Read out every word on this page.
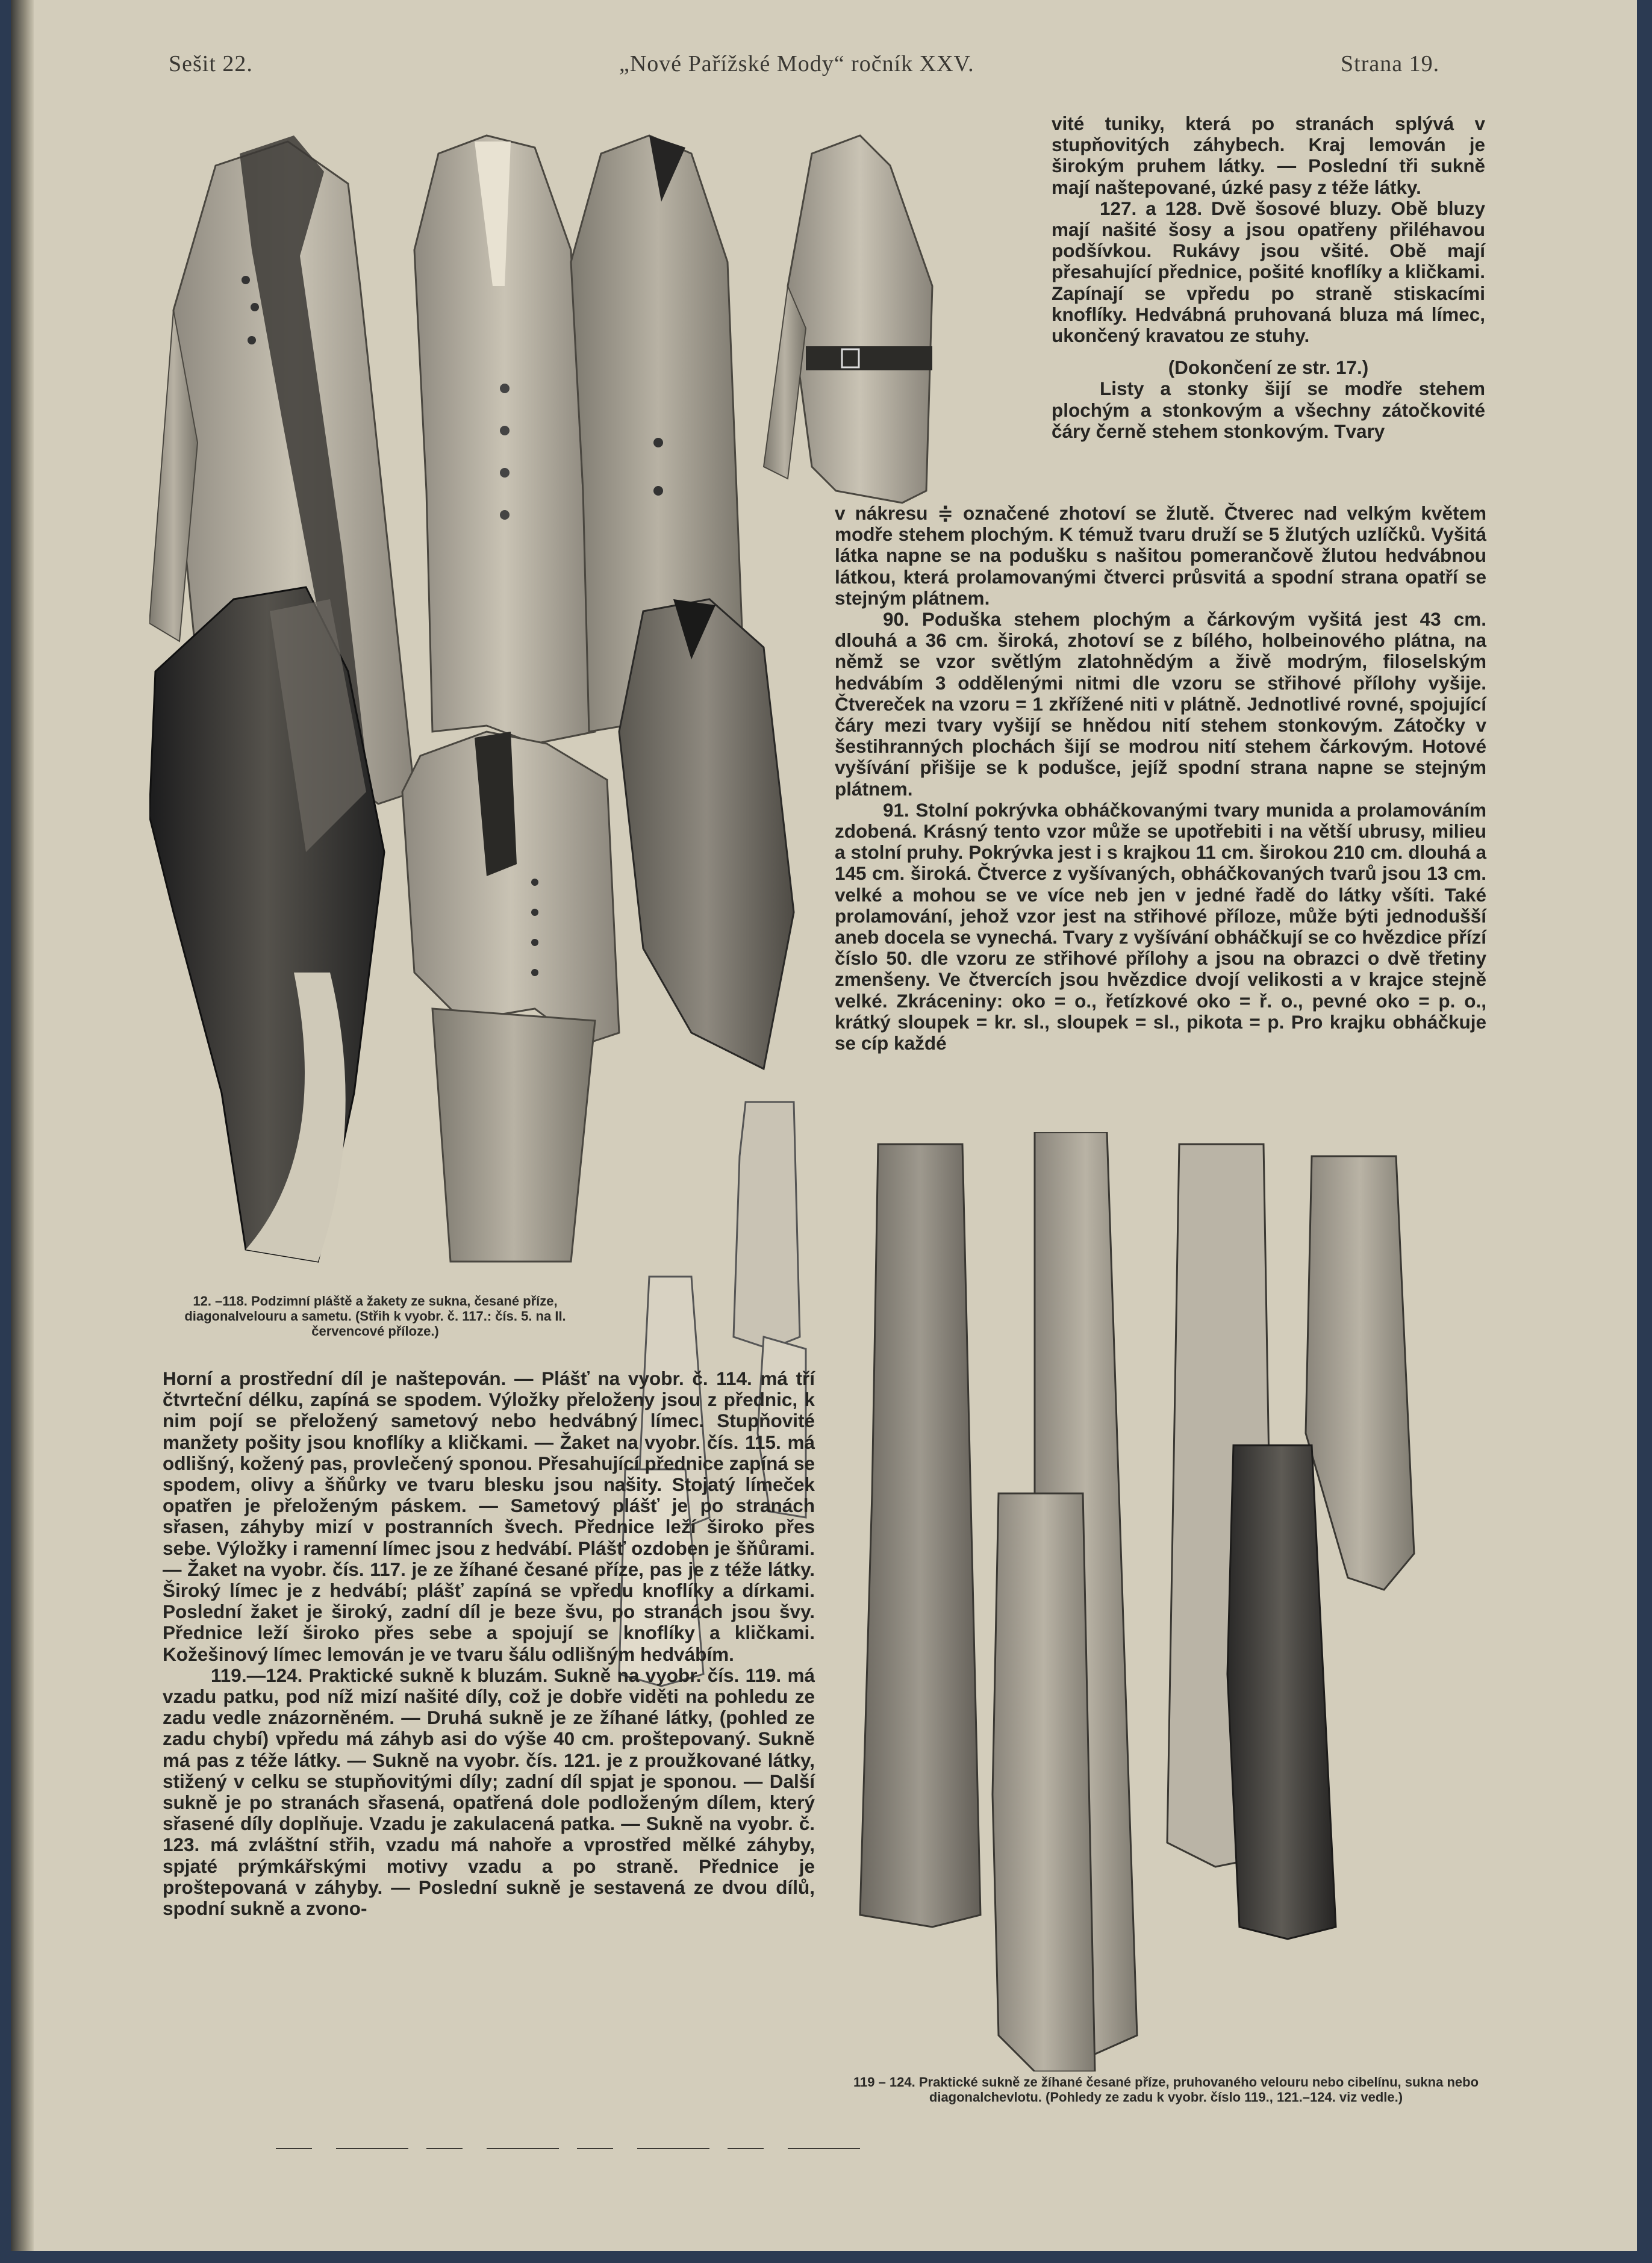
Sešit 22.	„Nové Pařížské Mody“ ročník XXV.	Strana 19.

vité tuniky, která po stranách splývá v stupňovitých záhybech. Kraj lemován je širokým pruhem látky. — Poslední tři sukně mají naštepované, úzké pasy z téže látky.

127. a 128. Dvě šosové bluzy. Obě bluzy mají našité šosy a jsou opatřeny přiléhavou podšívkou. Rukávy jsou všité. Obě mají přesahující přednice, pošité knoflíky a kličkami. Zapínají se vpředu po straně stiskacími knoflíky. Hedvábná pruhovaná bluza má límec, ukončený kravatou ze stuhy.

(Dokončení ze str. 17.)

Listy a stonky šijí se modře stehem plochým a stonkovým a všechny zátočkovité čáry černě stehem stonkovým. Tvary

v nákresu ≑ označené zhotoví se žlutě. Čtverec nad velkým květem modře stehem plochým. K témuž tvaru druží se 5 žlutých uzlíčků. Vyšitá látka napne se na podušku s našitou pomerančově žlutou hedvábnou látkou, která prolamovanými čtverci průsvitá a spodní strana opatří se stejným plátnem.

90. Poduška stehem plochým a čárkovým vyšitá jest 43 cm. dlouhá a 36 cm. široká, zhotoví se z bílého, holbeinového plátna, na němž se vzor světlým zlatohnědým a živě modrým, filoselským hedvábím 3 oddělenými nitmi dle vzoru se střihové přílohy vyšije. Čtvereček na vzoru = 1 zkřížené niti v plátně. Jednotlivé rovné, spojující čáry mezi tvary vyšijí se hnědou nití stehem stonkovým. Zátočky v šestihranných plochách šijí se modrou nití stehem čárkovým. Hotové vyšívání přišije se k podušce, jejíž spodní strana napne se stejným plátnem.

91. Stolní pokrývka obháčkovanými tvary munida a prolamováním zdobená. Krásný tento vzor může se upotřebiti i na větší ubrusy, milieu a stolní pruhy. Pokrývka jest i s krajkou 11 cm. širokou 210 cm. dlouhá a 145 cm. široká. Čtverce z vyšívaných, obháčkovaných tvarů jsou 13 cm. velké a mohou se ve více neb jen v jedné řadě do látky všíti. Také prolamování, jehož vzor jest na střihové příloze, může býti jednodušší aneb docela se vynechá. Tvary z vyšívání obháčkují se co hvězdice přízí číslo 50. dle vzoru ze střihové přílohy a jsou na obrazci o dvě třetiny zmenšeny. Ve čtvercích jsou hvězdice dvojí velikosti a v krajce stejně velké. Zkráceniny: oko = o., řetízkové oko = ř. o., pevné oko = p. o., krátký sloupek = kr. sl., sloupek = sl., pikota = p. Pro krajku obháčkuje se cíp každé

12. –118. Podzimní pláště a žakety ze sukna, česané příze, diagonalvelouru a sametu. (Střih k vyobr. č. 117.: čís. 5. na II. červencové příloze.)

Horní a prostřední díl je naštepován. — Plášť na vyobr. č. 114. má tří čtvrteční délku, zapíná se spodem. Výložky přeloženy jsou z přednic, k nim pojí se přeložený sametový nebo hedvábný límec. Stupňovité manžety pošity jsou knoflíky a kličkami. — Žaket na vyobr. čís. 115. má odlišný, kožený pas, provlečený sponou. Přesahující přednice zapíná se spodem, olivy a šňůrky ve tvaru blesku jsou našity. Stojatý límeček opatřen je přeloženým páskem. — Sametový plášť je po stranách sřasen, záhyby mizí v postranních švech. Přednice leží široko přes sebe. Výložky i ramenní límec jsou z hedvábí. Plášť ozdoben je šňůrami. — Žaket na vyobr. čís. 117. je ze žíhané česané příze, pas je z téže látky. Široký límec je z hedvábí; plášť zapíná se vpředu knoflíky a dírkami. Poslední žaket je široký, zadní díl je beze švu, po stranách jsou švy. Přednice leží široko přes sebe a spojují se knoflíky a kličkami. Kožešinový límec lemován je ve tvaru šálu odlišným hedvábím.

119.—124. Praktické sukně k bluzám. Sukně na vyobr. čís. 119. má vzadu patku, pod níž mizí našité díly, což je dobře viděti na pohledu ze zadu vedle znázorněném. — Druhá sukně je ze žíhané látky, (pohled ze zadu chybí) vpředu má záhyb asi do výše 40 cm. proštepovaný. Sukně má pas z téže látky. — Sukně na vyobr. čís. 121. je z proužkované látky, stižený v celku se stupňovitými díly; zadní díl spjat je sponou. — Další sukně je po stranách sřasená, opatřená dole podloženým dílem, který sřasené díly doplňuje. Vzadu je zakulacená patka. — Sukně na vyobr. č. 123. má zvláštní střih, vzadu má nahoře a vprostřed mělké záhyby, spjaté prýmkářskými motivy vzadu a po straně. Přednice je proštepovaná v záhyby. — Poslední sukně je sestavená ze dvou dílů, spodní sukně a zvono-

119 – 124. Praktické sukně ze žíhané česané příze, pruhovaného velouru nebo cibelínu, sukna nebo diagonalchevlotu. (Pohledy ze zadu k vyobr. číslo 119., 121.–124. viz vedle.)
